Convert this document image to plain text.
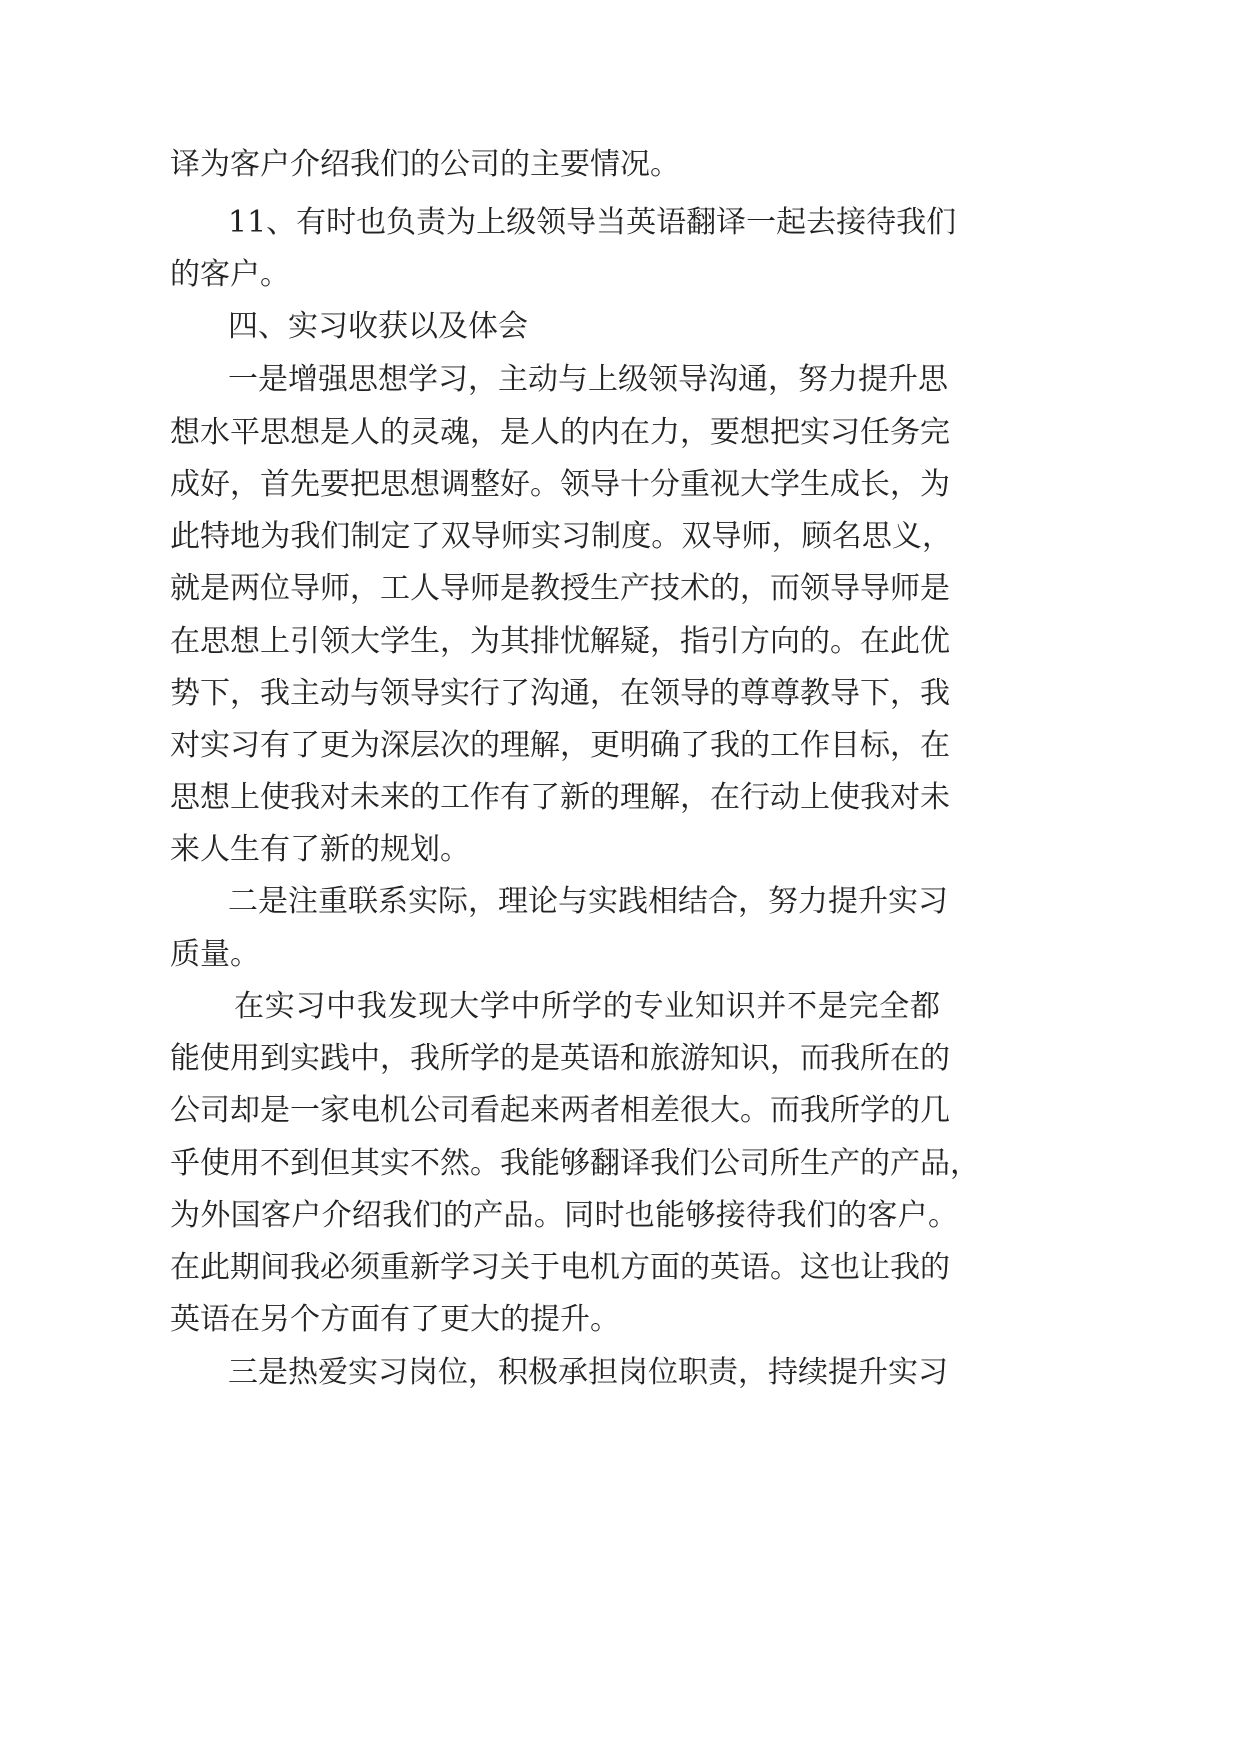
译为客户介绍我们的公司的主要情况。
11、有时也负责为上级领导当英语翻译一起去接待我们
的客户。
四、实习收获以及体会
一是增强思想学习，主动与上级领导沟通，努力提升思
想水平思想是人的灵魂，是人的内在力，要想把实习任务完
成好，首先要把思想调整好。领导十分重视大学生成长，为
此特地为我们制定了双导师实习制度。双导师，顾名思义，
就是两位导师，工人导师是教授生产技术的，而领导导师是
在思想上引领大学生，为其排忧解疑，指引方向的。在此优
势下，我主动与领导实行了沟通，在领导的尊尊教导下，我
对实习有了更为深层次的理解，更明确了我的工作目标，在
思想上使我对未来的工作有了新的理解，在行动上使我对未
来人生有了新的规划。
二是注重联系实际，理论与实践相结合，努力提升实习
质量。
在实习中我发现大学中所学的专业知识并不是完全都
能使用到实践中，我所学的是英语和旅游知识，而我所在的
公司却是一家电机公司看起来两者相差很大。而我所学的几
乎使用不到但其实不然。我能够翻译我们公司所生产的产品，
为外国客户介绍我们的产品。同时也能够接待我们的客户。
在此期间我必须重新学习关于电机方面的英语。这也让我的
英语在另个方面有了更大的提升。
三是热爱实习岗位，积极承担岗位职责，持续提升实习
